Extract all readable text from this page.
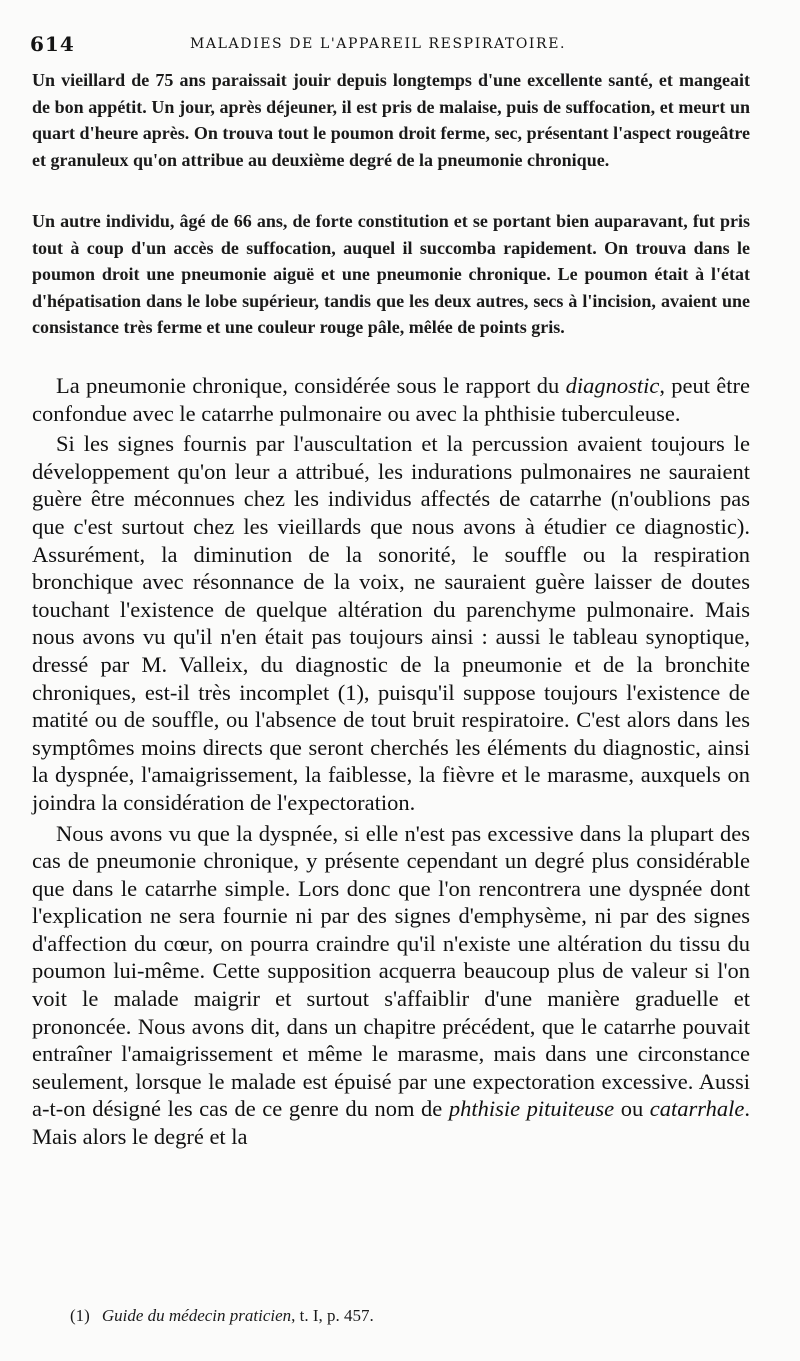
614	MALADIES DE L'APPAREIL RESPIRATOIRE.

Un vieillard de 75 ans paraissait jouir depuis longtemps d'une excellente santé, et mangeait de bon appétit. Un jour, après déjeuner, il est pris de malaise, puis de suffocation, et meurt un quart d'heure après. On trouva tout le poumon droit ferme, sec, présentant l'aspect rougeâtre et granuleux qu'on attribue au deuxième degré de la pneumonie chronique.

Un autre individu, âgé de 66 ans, de forte constitution et se portant bien auparavant, fut pris tout à coup d'un accès de suffocation, auquel il succomba rapidement. On trouva dans le poumon droit une pneumonie aiguë et une pneumonie chronique. Le poumon était à l'état d'hépatisation dans le lobe supérieur, tandis que les deux autres, secs à l'incision, avaient une consistance très ferme et une couleur rouge pâle, mêlée de points gris.

La pneumonie chronique, considérée sous le rapport du diagnostic, peut être confondue avec le catarrhe pulmonaire ou avec la phthisie tuberculeuse.

Si les signes fournis par l'auscultation et la percussion avaient toujours le développement qu'on leur a attribué, les indurations pulmonaires ne sauraient guère être méconnues chez les individus affectés de catarrhe (n'oublions pas que c'est surtout chez les vieillards que nous avons à étudier ce diagnostic). Assurément, la diminution de la sonorité, le souffle ou la respiration bronchique avec résonnance de la voix, ne sauraient guère laisser de doutes touchant l'existence de quelque altération du parenchyme pulmonaire. Mais nous avons vu qu'il n'en était pas toujours ainsi : aussi le tableau synoptique, dressé par M. Valleix, du diagnostic de la pneumonie et de la bronchite chroniques, est-il très incomplet (1), puisqu'il suppose toujours l'existence de matité ou de souffle, ou l'absence de tout bruit respiratoire. C'est alors dans les symptômes moins directs que seront cherchés les éléments du diagnostic, ainsi la dyspnée, l'amaigrissement, la faiblesse, la fièvre et le marasme, auxquels on joindra la considération de l'expectoration.

Nous avons vu que la dyspnée, si elle n'est pas excessive dans la plupart des cas de pneumonie chronique, y présente cependant un degré plus considérable que dans le catarrhe simple. Lors donc que l'on rencontrera une dyspnée dont l'explication ne sera fournie ni par des signes d'emphysème, ni par des signes d'affection du cœur, on pourra craindre qu'il n'existe une altération du tissu du poumon lui-même. Cette supposition acquerra beaucoup plus de valeur si l'on voit le malade maigrir et surtout s'affaiblir d'une manière graduelle et prononcée. Nous avons dit, dans un chapitre précédent, que le catarrhe pouvait entraîner l'amaigrissement et même le marasme, mais dans une circonstance seulement, lorsque le malade est épuisé par une expectoration excessive. Aussi a-t-on désigné les cas de ce genre du nom de phthisie pituiteuse ou catarrhale. Mais alors le degré et la

(1) Guide du médecin praticien, t. I, p. 457.
